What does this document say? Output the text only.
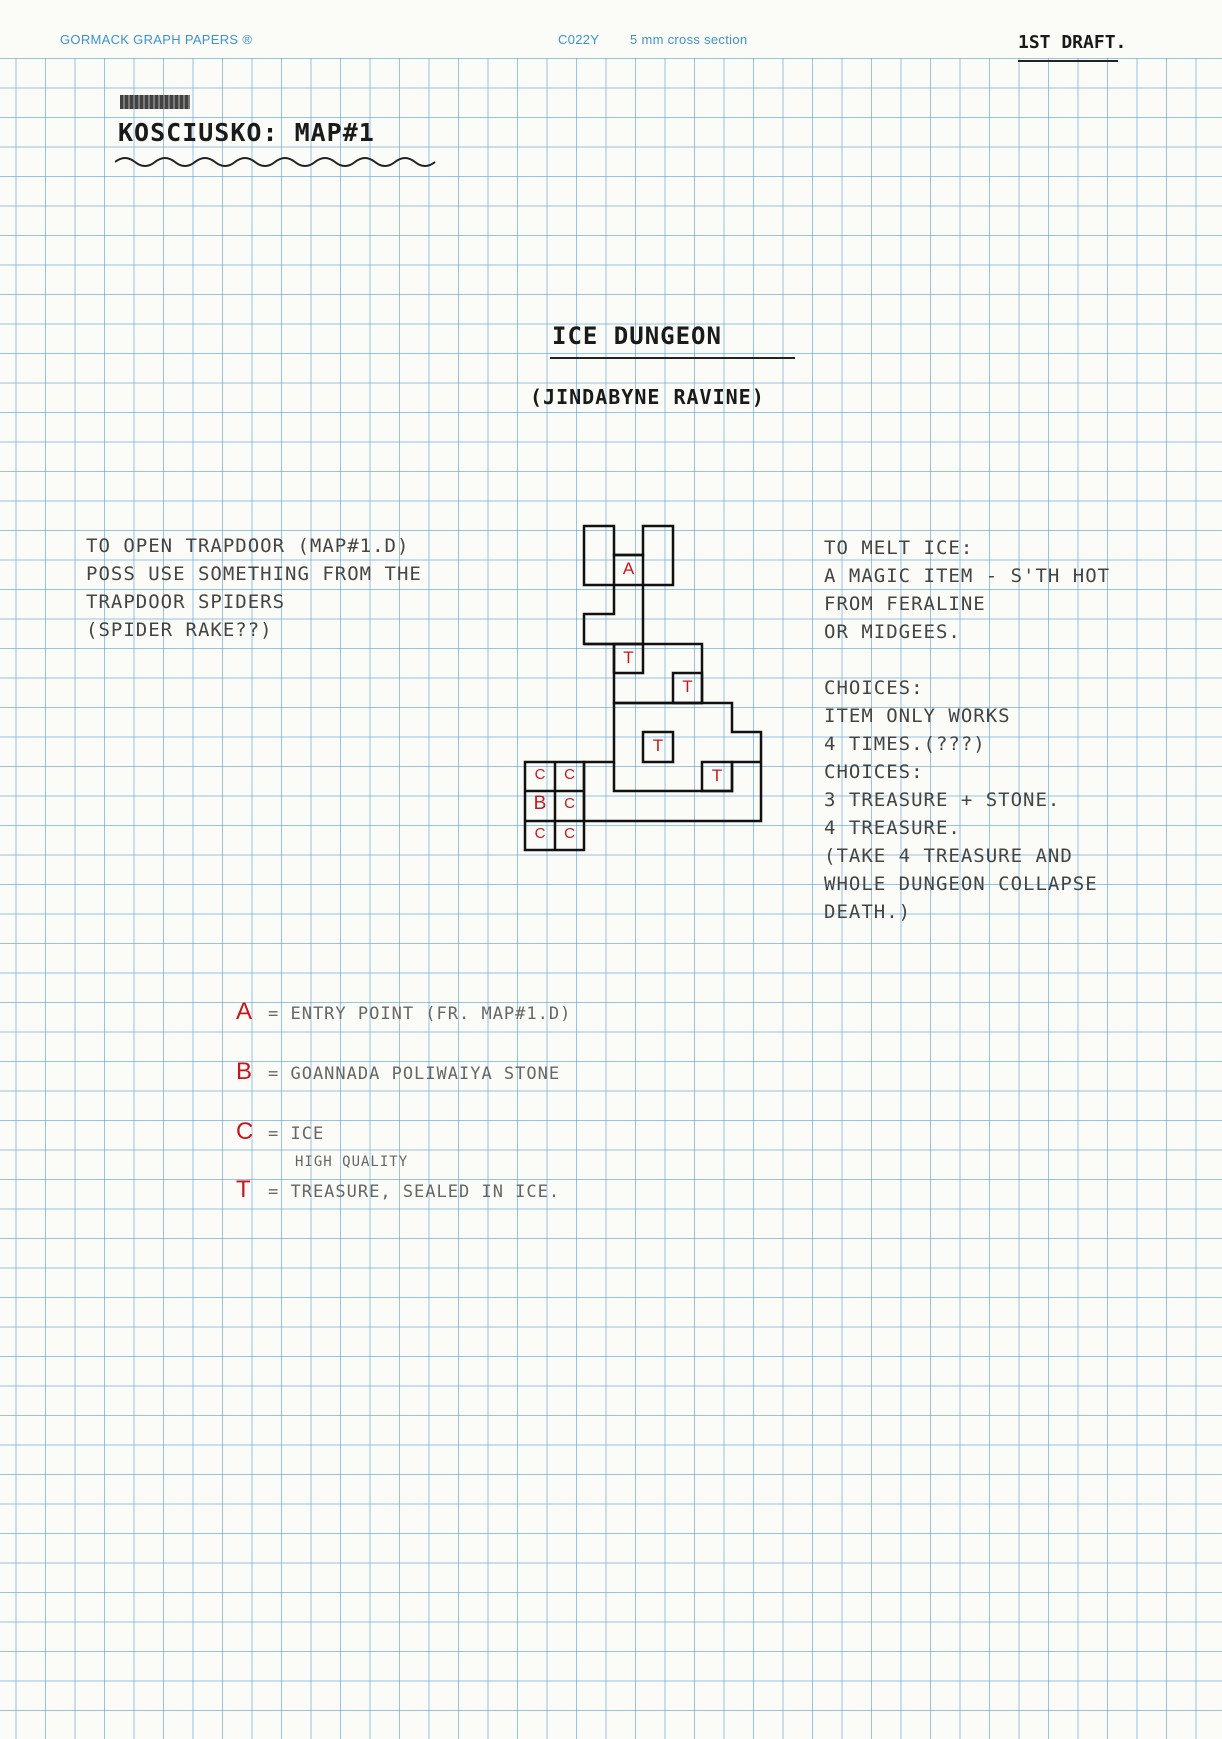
GORMACK GRAPH PAPERS ®	C022Y 5 mm cross section	1ST DRAFT.
KOSCIUSKO: MAP#1
ICE DUNGEON
(JINDABYNE RAVINE)
TO OPEN TRAPDOOR (MAP#1.D)
POSS USE SOMETHING FROM THE
TRAPDOOR SPIDERS
(SPIDER RAKE??)
TO MELT ICE:
A MAGIC ITEM - S'TH HOT
FROM FERALINE
OR MIDGEES.

CHOICES:
ITEM ONLY WORKS
4 TIMES.(???)
CHOICES:
3 TREASURE + STONE.
4 TREASURE.
(TAKE 4 TREASURE AND
WHOLE DUNGEON COLLAPSE
DEATH.)
A
T
T
T
T
C	C
B	C
C	C
A = ENTRY POINT (FR. MAP#1.D)
B = GOANNADA POLIWAIYA STONE
C = ICE
HIGH QUALITY
T = TREASURE, SEALED IN ICE.
